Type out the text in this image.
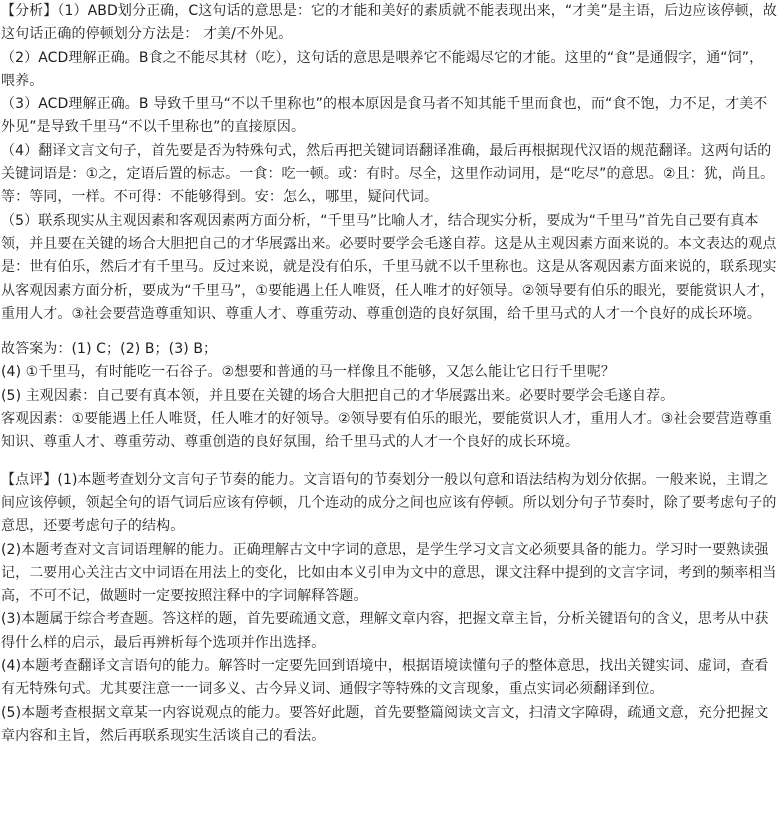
【分析】（1）ABD划分正确，C这句话的意思是：它的才能和美好的素质就不能表现出来，“才美”是主语，后边应该停顿，故这句话正确的停顿划分方法是： 才美/不外见。

（2）ACD理解正确。B食之不能尽其材（吃），这句话的意思是喂养它不能竭尽它的才能。这里的“食”是通假字，通“饲”，喂养。

（3）ACD理解正确。B 导致千里马“不以千里称也”的根本原因是食马者不知其能千里而食也，而“食不饱，力不足，才美不外见”是导致千里马“不以千里称也”的直接原因。

（4）翻译文言文句子，首先要是否为特殊句式，然后再把关键词语翻译准确，最后再根据现代汉语的规范翻译。这两句话的关键词语是：①之，定语后置的标志。一食：吃一顿。或：有时。尽全，这里作动词用，是“吃尽”的意思。②且：犹，尚且。等：等同，一样。不可得：不能够得到。安：怎么，哪里，疑问代词。

（5）联系现实从主观因素和客观因素两方面分析，“千里马”比喻人才，结合现实分析，要成为“千里马”首先自己要有真本领，并且要在关键的场合大胆把自己的才华展露出来。必要时要学会毛遂自荐。这是从主观因素方面来说的。本文表达的观点是：世有伯乐，然后才有千里马。反过来说，就是没有伯乐，千里马就不以千里称也。这是从客观因素方面来说的，联系现实从客观因素方面分析，要成为“千里马”，①要能遇上任人唯贤，任人唯才的好领导。②领导要有伯乐的眼光，要能赏识人才，重用人才。③社会要营造尊重知识、尊重人才、尊重劳动、尊重创造的良好氛围，给千里马式的人才一个良好的成长环境。

故答案为：(1) C；(2) B；(3) B；

(4) ①千里马，有时能吃一石谷子。②想要和普通的马一样像且不能够，又怎么能让它日行千里呢？

(5) 主观因素：自己要有真本领，并且要在关键的场合大胆把自己的才华展露出来。必要时要学会毛遂自荐。

客观因素：①要能遇上任人唯贤，任人唯才的好领导。②领导要有伯乐的眼光，要能赏识人才，重用人才。③社会要营造尊重知识、尊重人才、尊重劳动、尊重创造的良好氛围，给千里马式的人才一个良好的成长环境。

【点评】(1)本题考查划分文言句子节奏的能力。文言语句的节奏划分一般以句意和语法结构为划分依据。一般来说，主谓之间应该停顿，领起全句的语气词后应该有停顿，几个连动的成分之间也应该有停顿。所以划分句子节奏时，除了要考虑句子的意思，还要考虑句子的结构。

(2)本题考查对文言词语理解的能力。正确理解古文中字词的意思，是学生学习文言文必须要具备的能力。学习时一要熟读强记，二要用心关注古文中词语在用法上的变化，比如由本义引申为文中的意思，课文注释中提到的文言字词，考到的频率相当高，不可不记，做题时一定要按照注释中的字词解释答题。

(3)本题属于综合考查题。答这样的题，首先要疏通文意，理解文章内容，把握文章主旨，分析关键语句的含义，思考从中获得什么样的启示，最后再辨析每个选项并作出选择。

(4)本题考查翻译文言语句的能力。解答时一定要先回到语境中，根据语境读懂句子的整体意思，找出关键实词、虚词，查看有无特殊句式。尤其要注意一一词多义、古今异义词、通假字等特殊的文言现象，重点实词必须翻译到位。

(5)本题考查根据文章某一内容说观点的能力。要答好此题，首先要整篇阅读文言文，扫清文字障碍，疏通文意，充分把握文章内容和主旨，然后再联系现实生活谈自己的看法。
